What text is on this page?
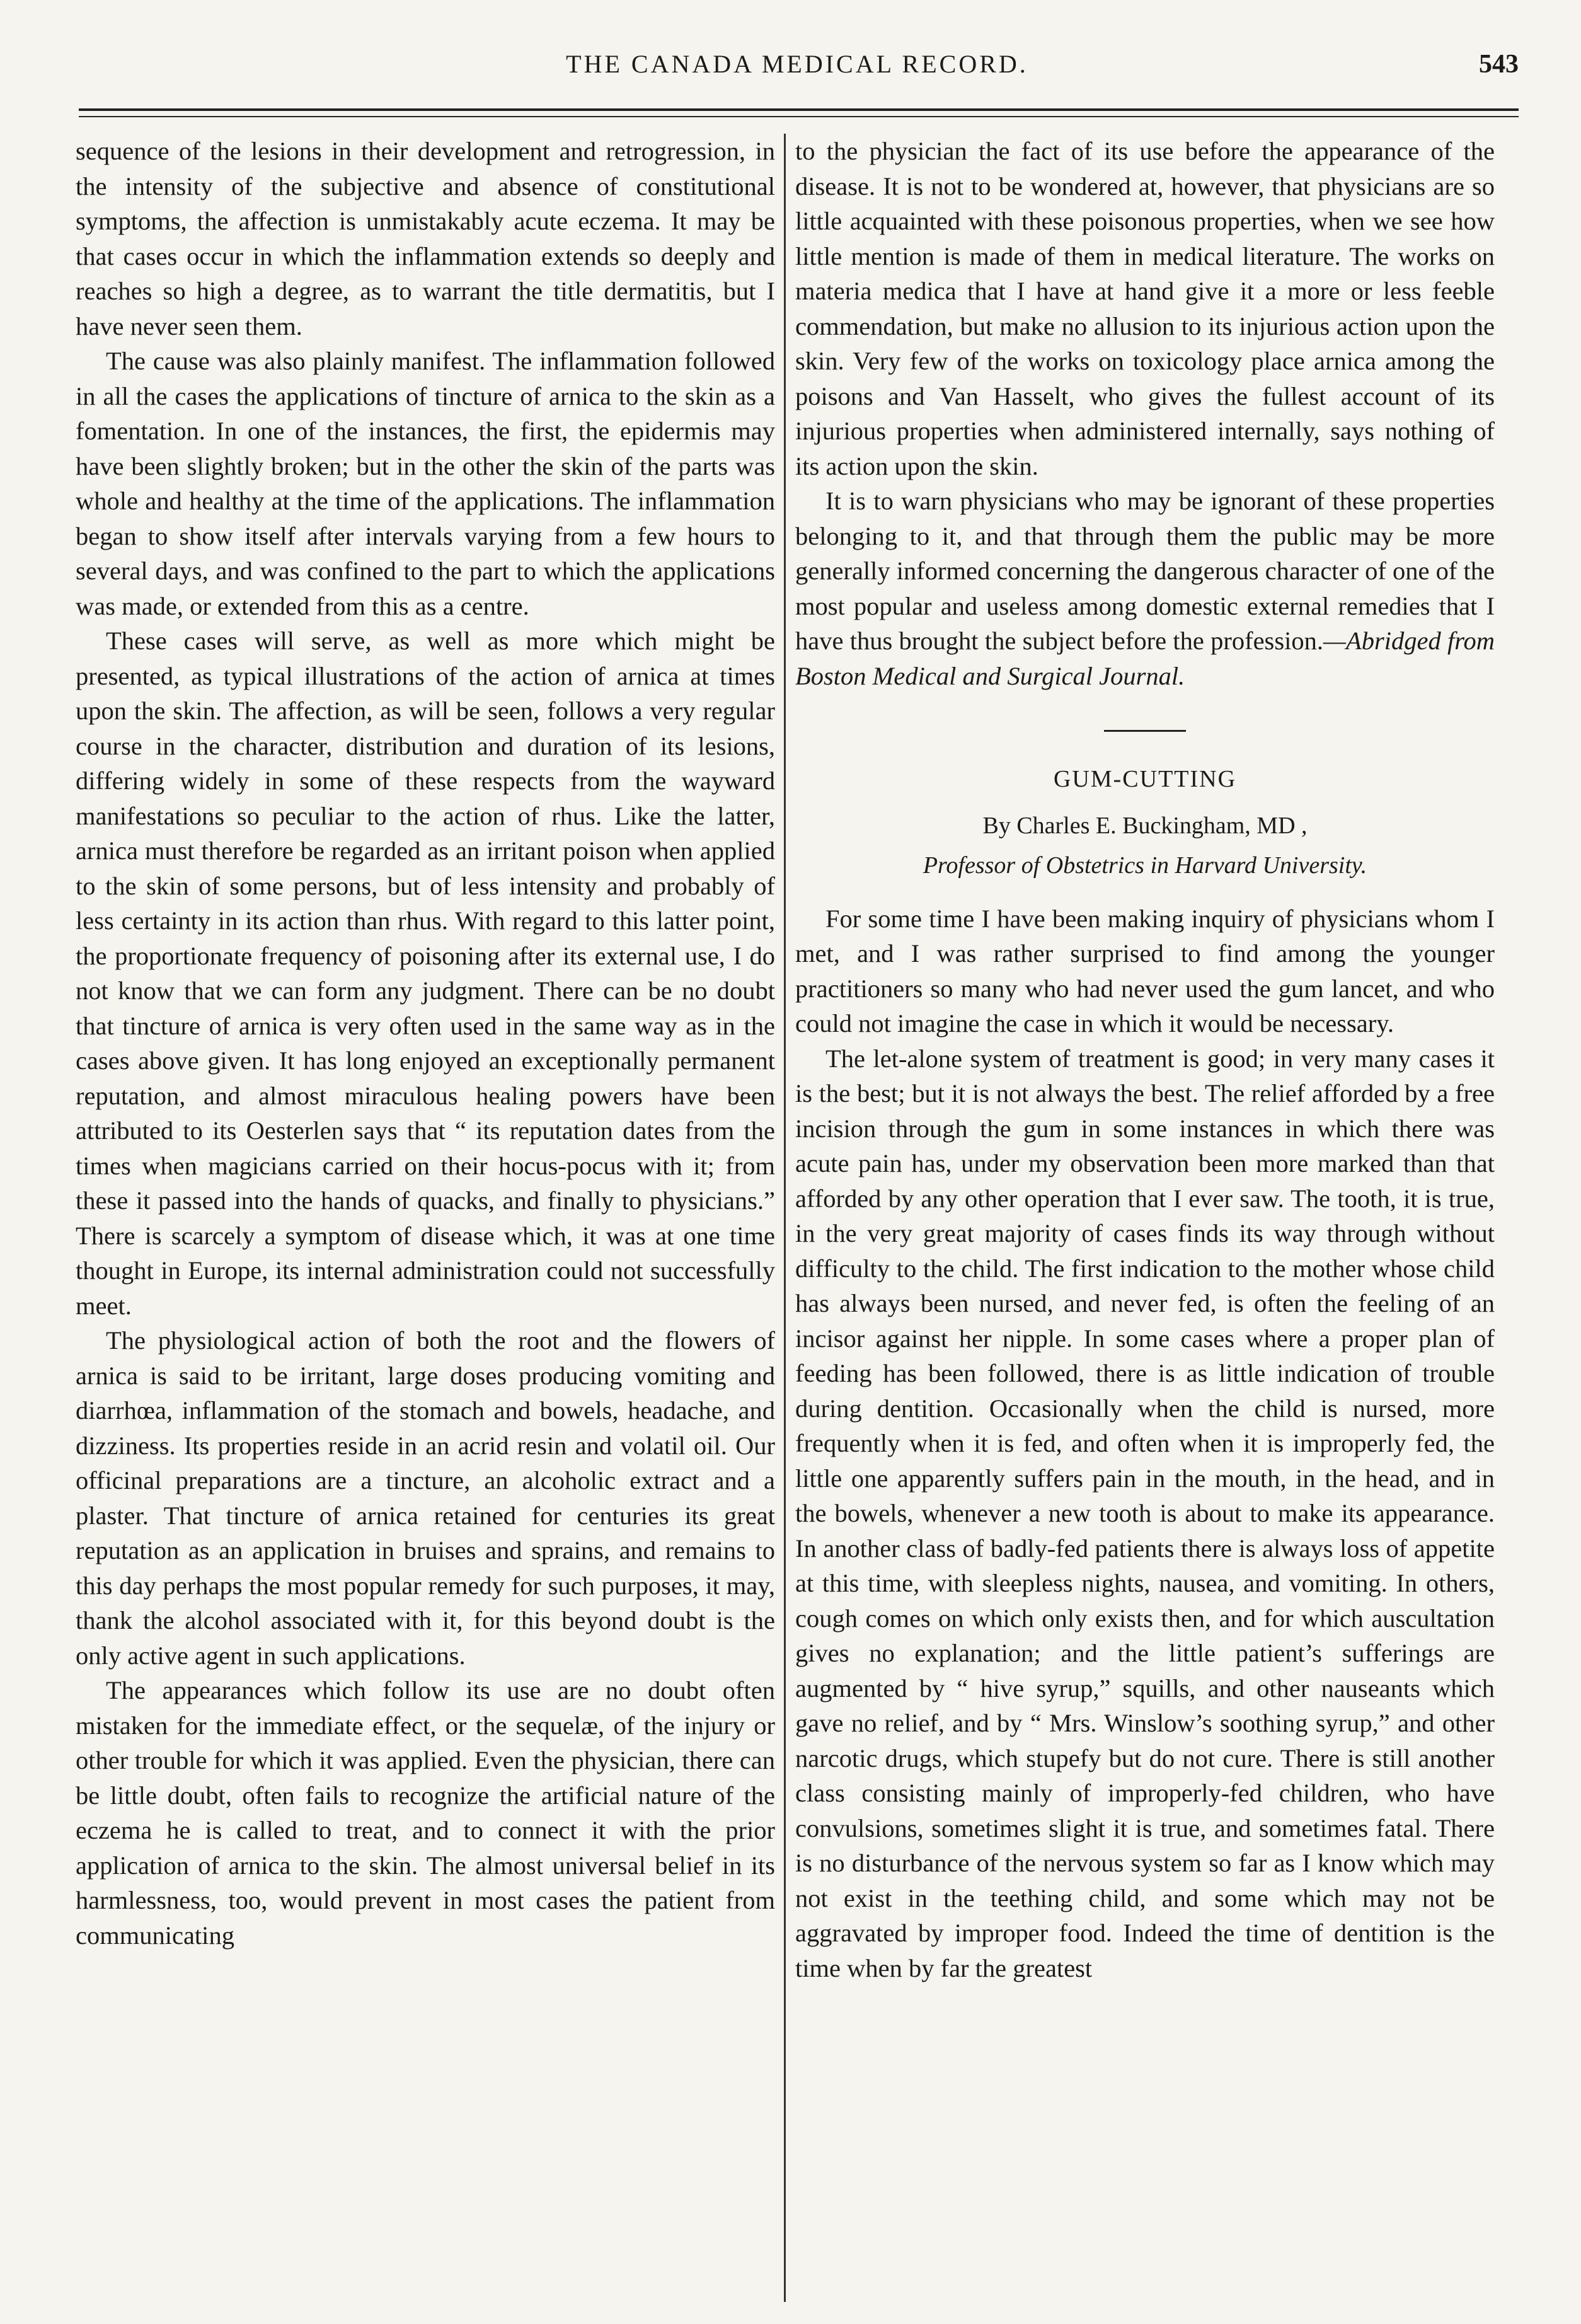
THE CANADA MEDICAL RECORD.	543

sequence of the lesions in their development and retrogression, in the intensity of the subjective and absence of constitutional symptoms, the affection is unmistakably acute eczema. It may be that cases occur in which the inflammation extends so deeply and reaches so high a degree, as to warrant the title dermatitis, but I have never seen them.

The cause was also plainly manifest. The inflammation followed in all the cases the applications of tincture of arnica to the skin as a fomentation. In one of the instances, the first, the epidermis may have been slightly broken; but in the other the skin of the parts was whole and healthy at the time of the applications. The inflammation began to show itself after intervals varying from a few hours to several days, and was confined to the part to which the applications was made, or extended from this as a centre.

These cases will serve, as well as more which might be presented, as typical illustrations of the action of arnica at times upon the skin. The affection, as will be seen, follows a very regular course in the character, distribution and duration of its lesions, differing widely in some of these respects from the wayward manifestations so peculiar to the action of rhus. Like the latter, arnica must therefore be regarded as an irritant poison when applied to the skin of some persons, but of less intensity and probably of less certainty in its action than rhus. With regard to this latter point, the proportionate frequency of poisoning after its external use, I do not know that we can form any judgment. There can be no doubt that tincture of arnica is very often used in the same way as in the cases above given. It has long enjoyed an exceptionally permanent reputation, and almost miraculous healing powers have been attributed to its Oesterlen says that “ its reputation dates from the times when magicians carried on their hocus-pocus with it; from these it passed into the hands of quacks, and finally to physicians.” There is scarcely a symptom of disease which, it was at one time thought in Europe, its internal administration could not successfully meet.

The physiological action of both the root and the flowers of arnica is said to be irritant, large doses producing vomiting and diarrhœa, inflammation of the stomach and bowels, headache, and dizziness. Its properties reside in an acrid resin and volatil oil. Our officinal preparations are a tincture, an alcoholic extract and a plaster. That tincture of arnica retained for centuries its great reputation as an application in bruises and sprains, and remains to this day perhaps the most popular remedy for such purposes, it may, thank the alcohol associated with it, for this beyond doubt is the only active agent in such applications.

The appearances which follow its use are no doubt often mistaken for the immediate effect, or the sequelæ, of the injury or other trouble for which it was applied. Even the physician, there can be little doubt, often fails to recognize the artificial nature of the eczema he is called to treat, and to connect it with the prior application of arnica to the skin. The almost universal belief in its harmlessness, too, would prevent in most cases the patient from communicating

to the physician the fact of its use before the appearance of the disease. It is not to be wondered at, however, that physicians are so little acquainted with these poisonous properties, when we see how little mention is made of them in medical literature. The works on materia medica that I have at hand give it a more or less feeble commendation, but make no allusion to its injurious action upon the skin. Very few of the works on toxicology place arnica among the poisons and Van Hasselt, who gives the fullest account of its injurious properties when administered internally, says nothing of its action upon the skin.

It is to warn physicians who may be ignorant of these properties belonging to it, and that through them the public may be more generally informed concerning the dangerous character of one of the most popular and useless among domestic external remedies that I have thus brought the subject before the profession.—Abridged from Boston Medical and Surgical Journal.

GUM-CUTTING
By Charles E. Buckingham, MD ,
Professor of Obstetrics in Harvard University.

For some time I have been making inquiry of physicians whom I met, and I was rather surprised to find among the younger practitioners so many who had never used the gum lancet, and who could not imagine the case in which it would be necessary.

The let-alone system of treatment is good; in very many cases it is the best; but it is not always the best. The relief afforded by a free incision through the gum in some instances in which there was acute pain has, under my observation been more marked than that afforded by any other operation that I ever saw. The tooth, it is true, in the very great majority of cases finds its way through without difficulty to the child. The first indication to the mother whose child has always been nursed, and never fed, is often the feeling of an incisor against her nipple. In some cases where a proper plan of feeding has been followed, there is as little indication of trouble during dentition. Occasionally when the child is nursed, more frequently when it is fed, and often when it is improperly fed, the little one apparently suffers pain in the mouth, in the head, and in the bowels, whenever a new tooth is about to make its appearance. In another class of badly-fed patients there is always loss of appetite at this time, with sleepless nights, nausea, and vomiting. In others, cough comes on which only exists then, and for which auscultation gives no explanation; and the little patient’s sufferings are augmented by “ hive syrup,” squills, and other nauseants which gave no relief, and by “ Mrs. Winslow’s soothing syrup,” and other narcotic drugs, which stupefy but do not cure. There is still another class consisting mainly of improperly-fed children, who have convulsions, sometimes slight it is true, and sometimes fatal. There is no disturbance of the nervous system so far as I know which may not exist in the teething child, and some which may not be aggravated by improper food. Indeed the time of dentition is the time when by far the greatest
